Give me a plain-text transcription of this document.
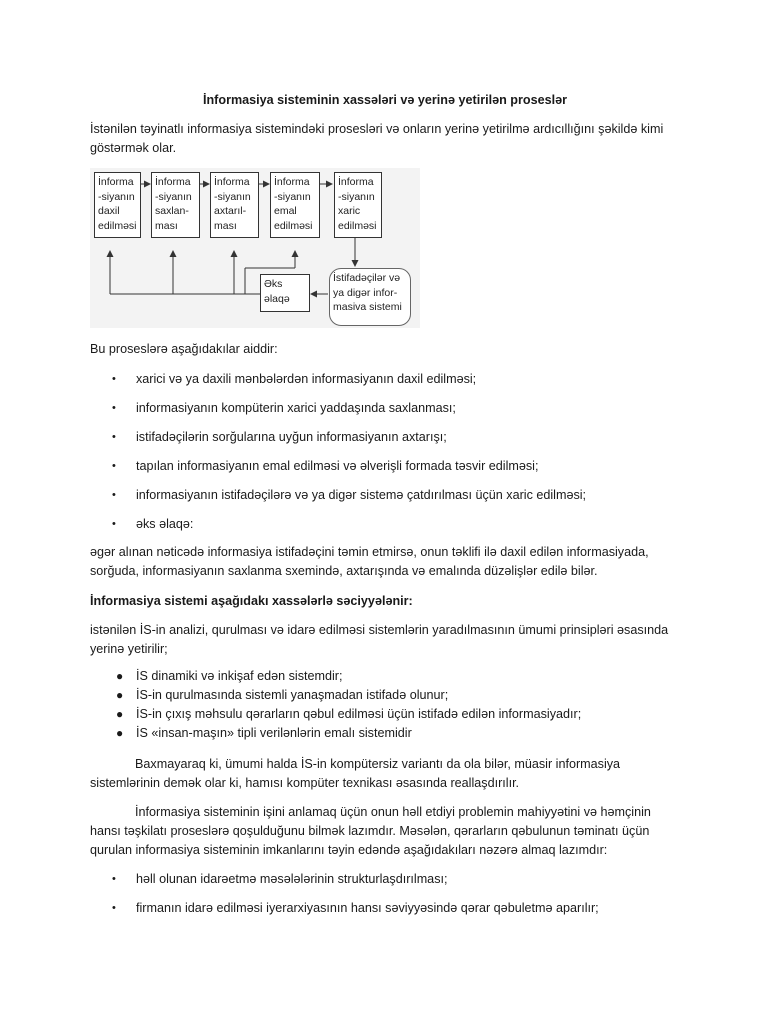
İnformasiya sisteminin xassələri və yerinə yetirilən proseslər

İstənilən təyinatlı informasiya sistemindəki prosesləri və onların yerinə yetirilmə ardıcıllığını şəkildə kimi göstərmək olar.

İnforma
-siyanın
daxil
edilməsi
İnforma
-siyanın
saxlan-
ması
İnforma
-siyanın
axtarıl-
ması
İnforma
-siyanın
emal
edilməsi
İnforma
-siyanın
xaric
edilməsi
Əks
əlaqə
İstifadəçilər və
ya digər infor-
masiva sistemi

Bu proseslərə aşağıdakılar aiddir:

• xarici və ya daxili mənbələrdən informasiyanın daxil edilməsi;
• informasiyanın kompüterin xarici yaddaşında saxlanması;
• istifadəçilərin sorğularına uyğun informasiyanın axtarışı;
• tapılan informasiyanın emal edilməsi və əlverişli formada təsvir edilməsi;
• informasiyanın istifadəçilərə və ya digər sistemə çatdırılması üçün xaric edilməsi;
• əks əlaqə:

əgər alınan nəticədə informasiya istifadəçini təmin etmirsə, onun təklifi ilə daxil edilən informasiyada, sorğuda, informasiyanın saxlanma sxemində, axtarışında və emalında düzəlişlər edilə bilər.

İnformasiya sistemi aşağıdakı xassələrlə səciyyələnir:

istənilən İS-in analizi, qurulması və idarə edilməsi sistemlərin yaradılmasının ümumi prinsipləri əsasında yerinə yetirilir;

● İS dinamiki və inkişaf edən sistemdir;
● İS-in qurulmasında sistemli yanaşmadan istifadə olunur;
● İS-in çıxış məhsulu qərarların qəbul edilməsi üçün istifadə edilən informasiyadır;
● İS «insan-maşın» tipli verilənlərin emalı sistemidir

Baxmayaraq ki, ümumi halda İS-in kompütersiz variantı da ola bilər, müasir informasiya sistemlərinin demək olar ki, hamısı kompüter texnikası əsasında reallaşdırılır.

İnformasiya sisteminin işini anlamaq üçün onun həll etdiyi problemin mahiyyətini və həmçinin hansı təşkilatı proseslərə qoşulduğunu bilmək lazımdır. Məsələn, qərarların qəbulunun təminatı üçün qurulan informasiya sisteminin imkanlarını təyin edəndə aşağıdakıları nəzərə almaq lazımdır:

• həll olunan idarəetmə məsələlərinin strukturlaşdırılması;
• firmanın idarə edilməsi iyerarxiyasının hansı səviyyəsində qərar qəbuletmə aparılır;
